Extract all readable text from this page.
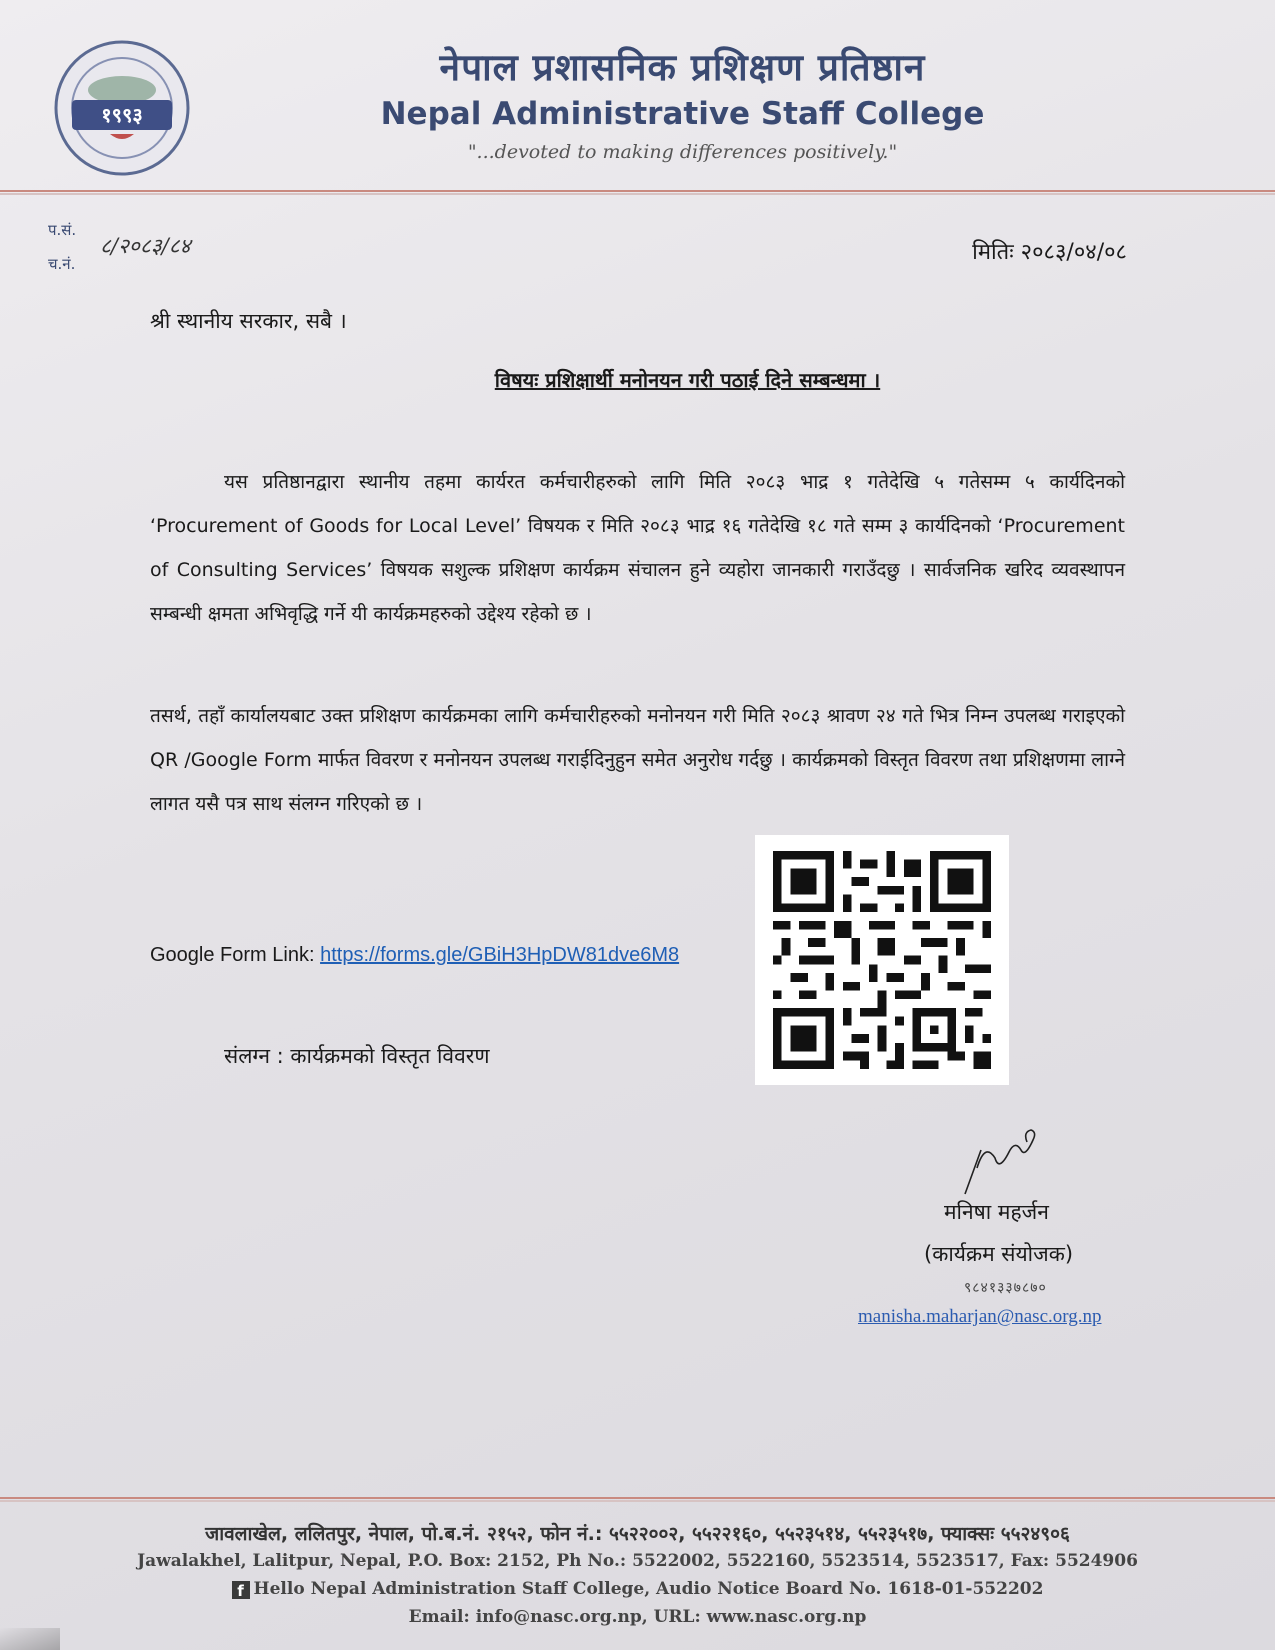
१९९३
नेपाल प्रशासनिक प्रशिक्षण प्रतिष्ठान
Nepal Administrative Staff College
"...devoted to making differences positively."
प.सं.
च.नं.
८/२०८३/८४	मितिः २०८३/०४/०८
श्री स्थानीय सरकार, सबै ।
विषयः प्रशिक्षार्थी मनोनयन गरी पठाई दिने सम्बन्धमा ।
यस प्रतिष्ठानद्वारा स्थानीय तहमा कार्यरत कर्मचारीहरुको लागि मिति २०८३ भाद्र १ गतेदेखि ५ गतेसम्म ५ कार्यदिनको ‘Procurement of Goods for Local Level’ विषयक र मिति २०८३ भाद्र १६ गतेदेखि १८ गते सम्म ३ कार्यदिनको ‘Procurement of Consulting Services’ विषयक सशुल्क प्रशिक्षण कार्यक्रम संचालन हुने व्यहोरा जानकारी गराउँदछु । सार्वजनिक खरिद व्यवस्थापन सम्बन्धी क्षमता अभिवृद्धि गर्ने यी कार्यक्रमहरुको उद्देश्य रहेको छ ।
तसर्थ, तहाँ कार्यालयबाट उक्त प्रशिक्षण कार्यक्रमका लागि कर्मचारीहरुको मनोनयन गरी मिति २०८३ श्रावण २४ गते भित्र निम्न उपलब्ध गराइएको QR /Google Form मार्फत विवरण र मनोनयन उपलब्ध गराईदिनुहुन समेत अनुरोध गर्दछु । कार्यक्रमको विस्तृत विवरण तथा प्रशिक्षणमा लाग्ने लागत यसै पत्र साथ संलग्न गरिएको छ ।
Google Form Link: https://forms.gle/GBiH3HpDW81dve6M8
संलग्न : कार्यक्रमको विस्तृत विवरण
मनिषा महर्जन
(कार्यक्रम संयोजक)
९८४१३३७८७०
manisha.maharjan@nasc.org.np
जावलाखेल, ललितपुर, नेपाल, पो.ब.नं. २१५२, फोन नं.: ५५२२००२, ५५२२१६०, ५५२३५१४, ५५२३५१७, फ्याक्सः ५५२४९०६
Jawalakhel, Lalitpur, Nepal, P.O. Box: 2152, Ph No.: 5522002, 5522160, 5523514, 5523517, Fax: 5524906
f Hello Nepal Administration Staff College, Audio Notice Board No. 1618-01-552202
Email: info@nasc.org.np, URL: www.nasc.org.np
